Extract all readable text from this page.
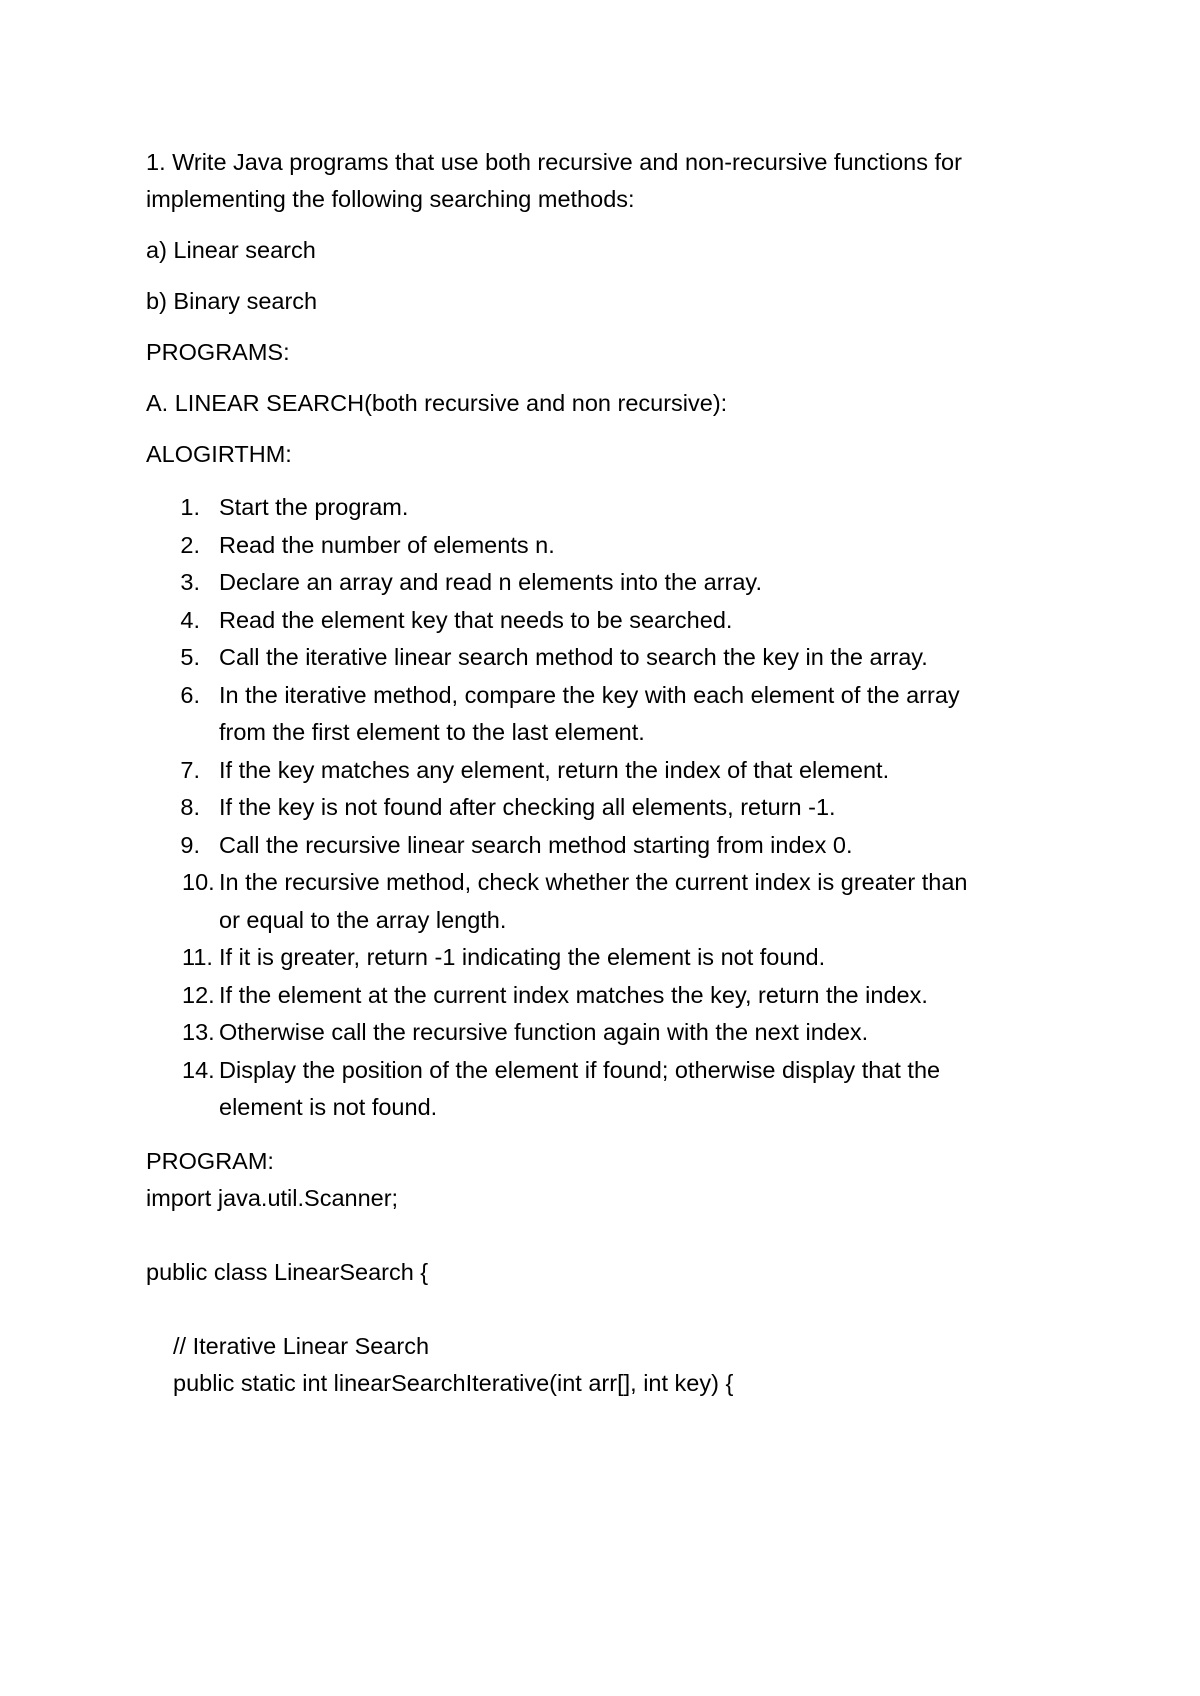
1. Write Java programs that use both recursive and non-recursive functions for

implementing the following searching methods:

a) Linear search

b) Binary search

PROGRAMS:

A. LINEAR SEARCH(both recursive and non recursive):

ALOGIRTHM:

1. Start the program.
2. Read the number of elements n.
3. Declare an array and read n elements into the array.
4. Read the element key that needs to be searched.
5. Call the iterative linear search method to search the key in the array.
6. In the iterative method, compare the key with each element of the array
from the first element to the last element.
7. If the key matches any element, return the index of that element.
8. If the key is not found after checking all elements, return -1.
9. Call the recursive linear search method starting from index 0.
10. In the recursive method, check whether the current index is greater than
or equal to the array length.
11. If it is greater, return -1 indicating the element is not found.
12. If the element at the current index matches the key, return the index.
13. Otherwise call the recursive function again with the next index.
14. Display the position of the element if found; otherwise display that the
element is not found.

PROGRAM:

import java.util.Scanner;

public class LinearSearch {

// Iterative Linear Search

public static int linearSearchIterative(int arr[], int key) {
